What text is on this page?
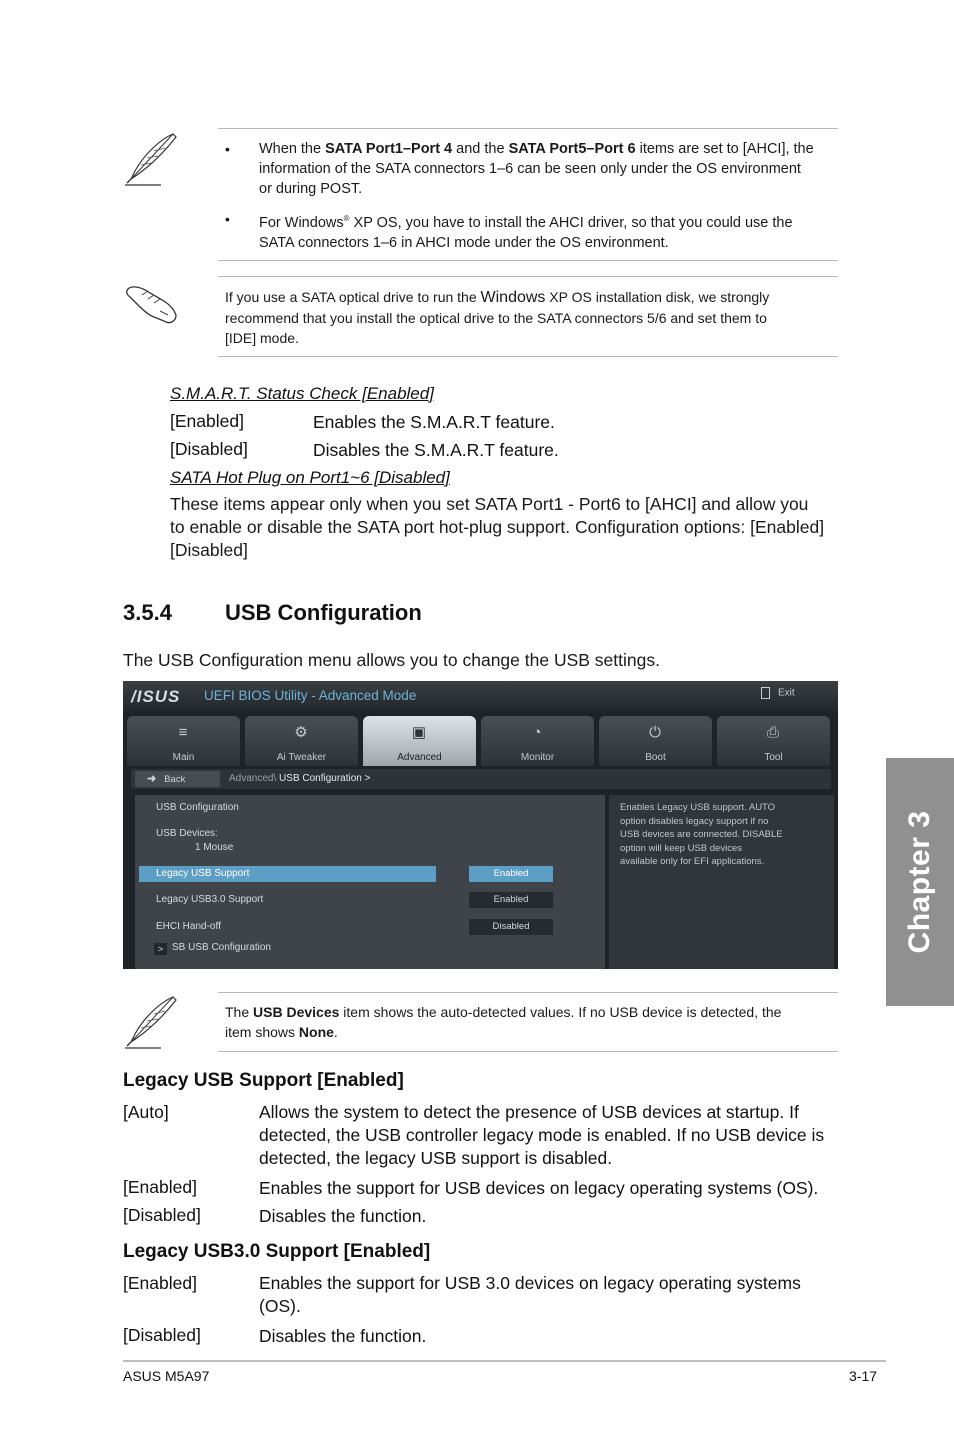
• When the SATA Port1–Port 4 and the SATA Port5–Port 6 items are set to [AHCI], the
information of the SATA connectors 1–6 can be seen only under the OS environment
or during POST.
• For Windows® XP OS, you have to install the AHCI driver, so that you could use the
SATA connectors 1–6 in AHCI mode under the OS environment.
If you use a SATA optical drive to run the Windows XP OS installation disk, we strongly
recommend that you install the optical drive to the SATA connectors 5/6 and set them to
[IDE] mode.
S.M.A.R.T. Status Check [Enabled]
[Enabled]	Enables the S.M.A.R.T feature.
[Disabled]	Disables the S.M.A.R.T feature.
SATA Hot Plug on Port1~6 [Disabled]
These items appear only when you set SATA Port1 - Port6 to [AHCI] and allow you
to enable or disable the SATA port hot-plug support. Configuration options: [Enabled]
[Disabled]
3.5.4 USB Configuration
The USB Configuration menu allows you to change the USB settings.
/ISUS UEFI BIOS Utility - Advanced Mode	Exit
≡
Main
⚙
Ai Tweaker
▣
Advanced
◔
Monitor
⏻
Boot
⎙
Tool
➜ Back	Advanced\ USB Configuration >
Enables Legacy USB support. AUTO
option disables legacy support if no
USB devices are connected. DISABLE
option will keep USB devices
available only for EFI applications.
USB Configuration
USB Devices:
1 Mouse
Legacy USB Support	Enabled
Legacy USB3.0 Support	Enabled
EHCI Hand-off	Disabled
> SB USB Configuration
The USB Devices item shows the auto-detected values. If no USB device is detected, the
item shows None.
Legacy USB Support [Enabled]
[Auto]	Allows the system to detect the presence of USB devices at startup. If
detected, the USB controller legacy mode is enabled. If no USB device is
detected, the legacy USB support is disabled.
[Enabled]	Enables the support for USB devices on legacy operating systems (OS).
[Disabled]	Disables the function.
Legacy USB3.0 Support [Enabled]
[Enabled]	Enables the support for USB 3.0 devices on legacy operating systems
(OS).
[Disabled]	Disables the function.
Chapter 3
ASUS M5A97	3-17
